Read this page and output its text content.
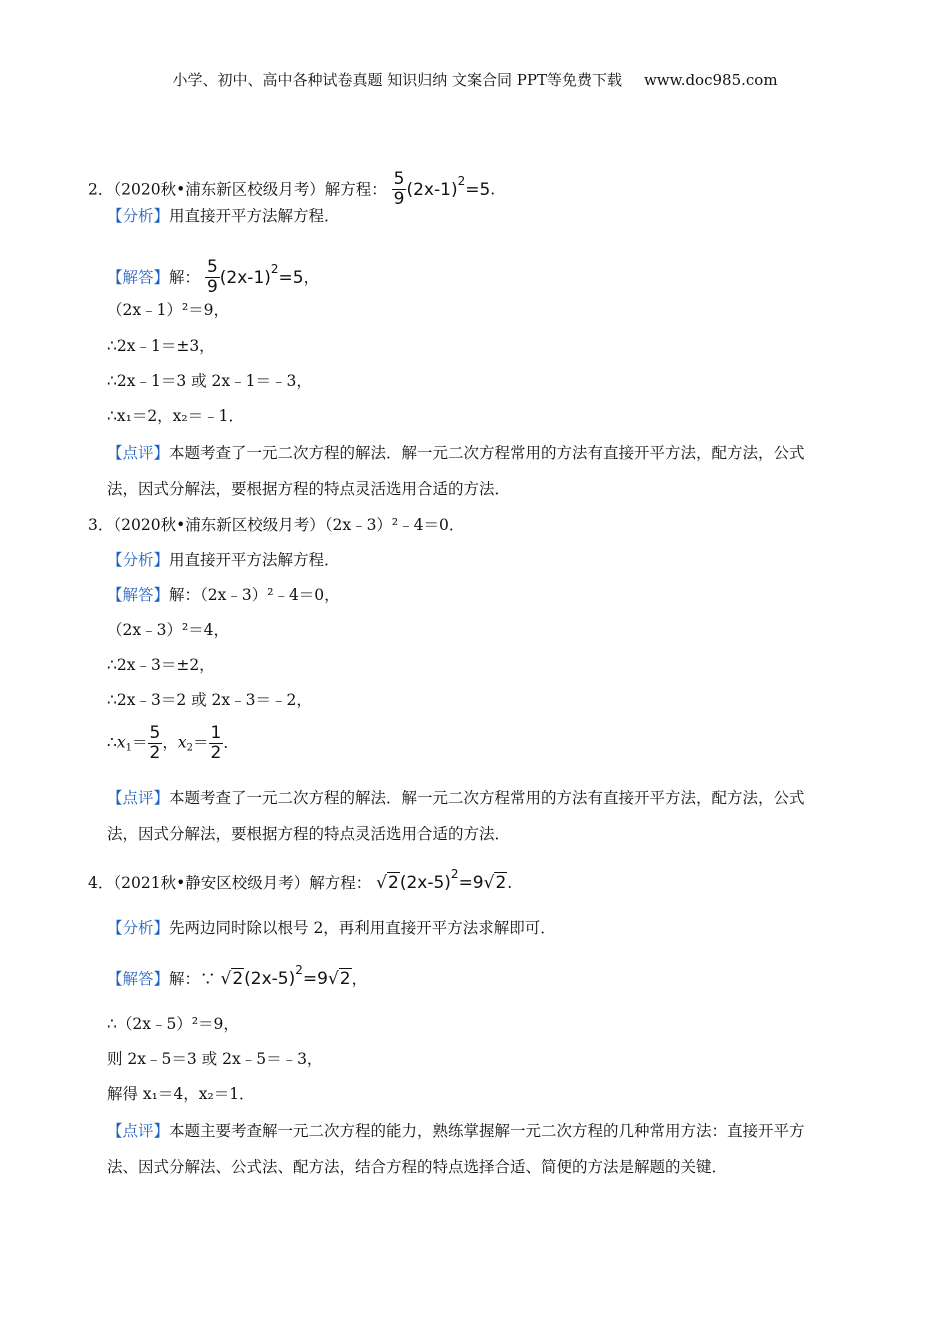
小学、初中、高中各种试卷真题 知识归纳 文案合同 PPT等免费下载 www.doc985.com
2．（2020秋•浦东新区校级月考）解方程： $\frac{5}{9} (2x-1)^2=5$.
【分析】用直接开平方法解方程．
【解答】解： $\frac{5}{9} (2x-1)^2=5$，
（2x﹣1）²＝9，
∴2x﹣1＝±3，
∴2x﹣1＝3 或 2x﹣1＝﹣3，
∴x₁＝2，x₂＝﹣1．
【点评】本题考查了一元二次方程的解法．解一元二次方程常用的方法有直接开平方法，配方法，公式
法，因式分解法，要根据方程的特点灵活选用合适的方法．
3．（2020秋•浦东新区校级月考）（2x﹣3）²﹣4＝0．
【分析】用直接开平方法解方程．
【解答】解：（2x﹣3）²﹣4＝0，
（2x﹣3）²＝4，
∴2x﹣3＝±2，
∴2x﹣3＝2 或 2x﹣3＝﹣2，
$\therefore x_1= \frac{5}{2}$ ，$x_2= \frac{1}{2}$ ．
【点评】本题考查了一元二次方程的解法．解一元二次方程常用的方法有直接开平方法，配方法，公式
法，因式分解法，要根据方程的特点灵活选用合适的方法．
4．（2021秋•静安区校级月考）解方程： $√2(2x-5)^2=9√2$.
【分析】先两边同时除以根号 2，再利用直接开平方法求解即可．
【解答】解：∵ $√2(2x-5)^2=9√2$，
∴（2x﹣5）²＝9，
则 2x﹣5＝3 或 2x﹣5＝﹣3，
解得 x₁＝4，x₂＝1．
【点评】本题主要考查解一元二次方程的能力，熟练掌握解一元二次方程的几种常用方法：直接开平方
法、因式分解法、公式法、配方法，结合方程的特点选择合适、简便的方法是解题的关键．
